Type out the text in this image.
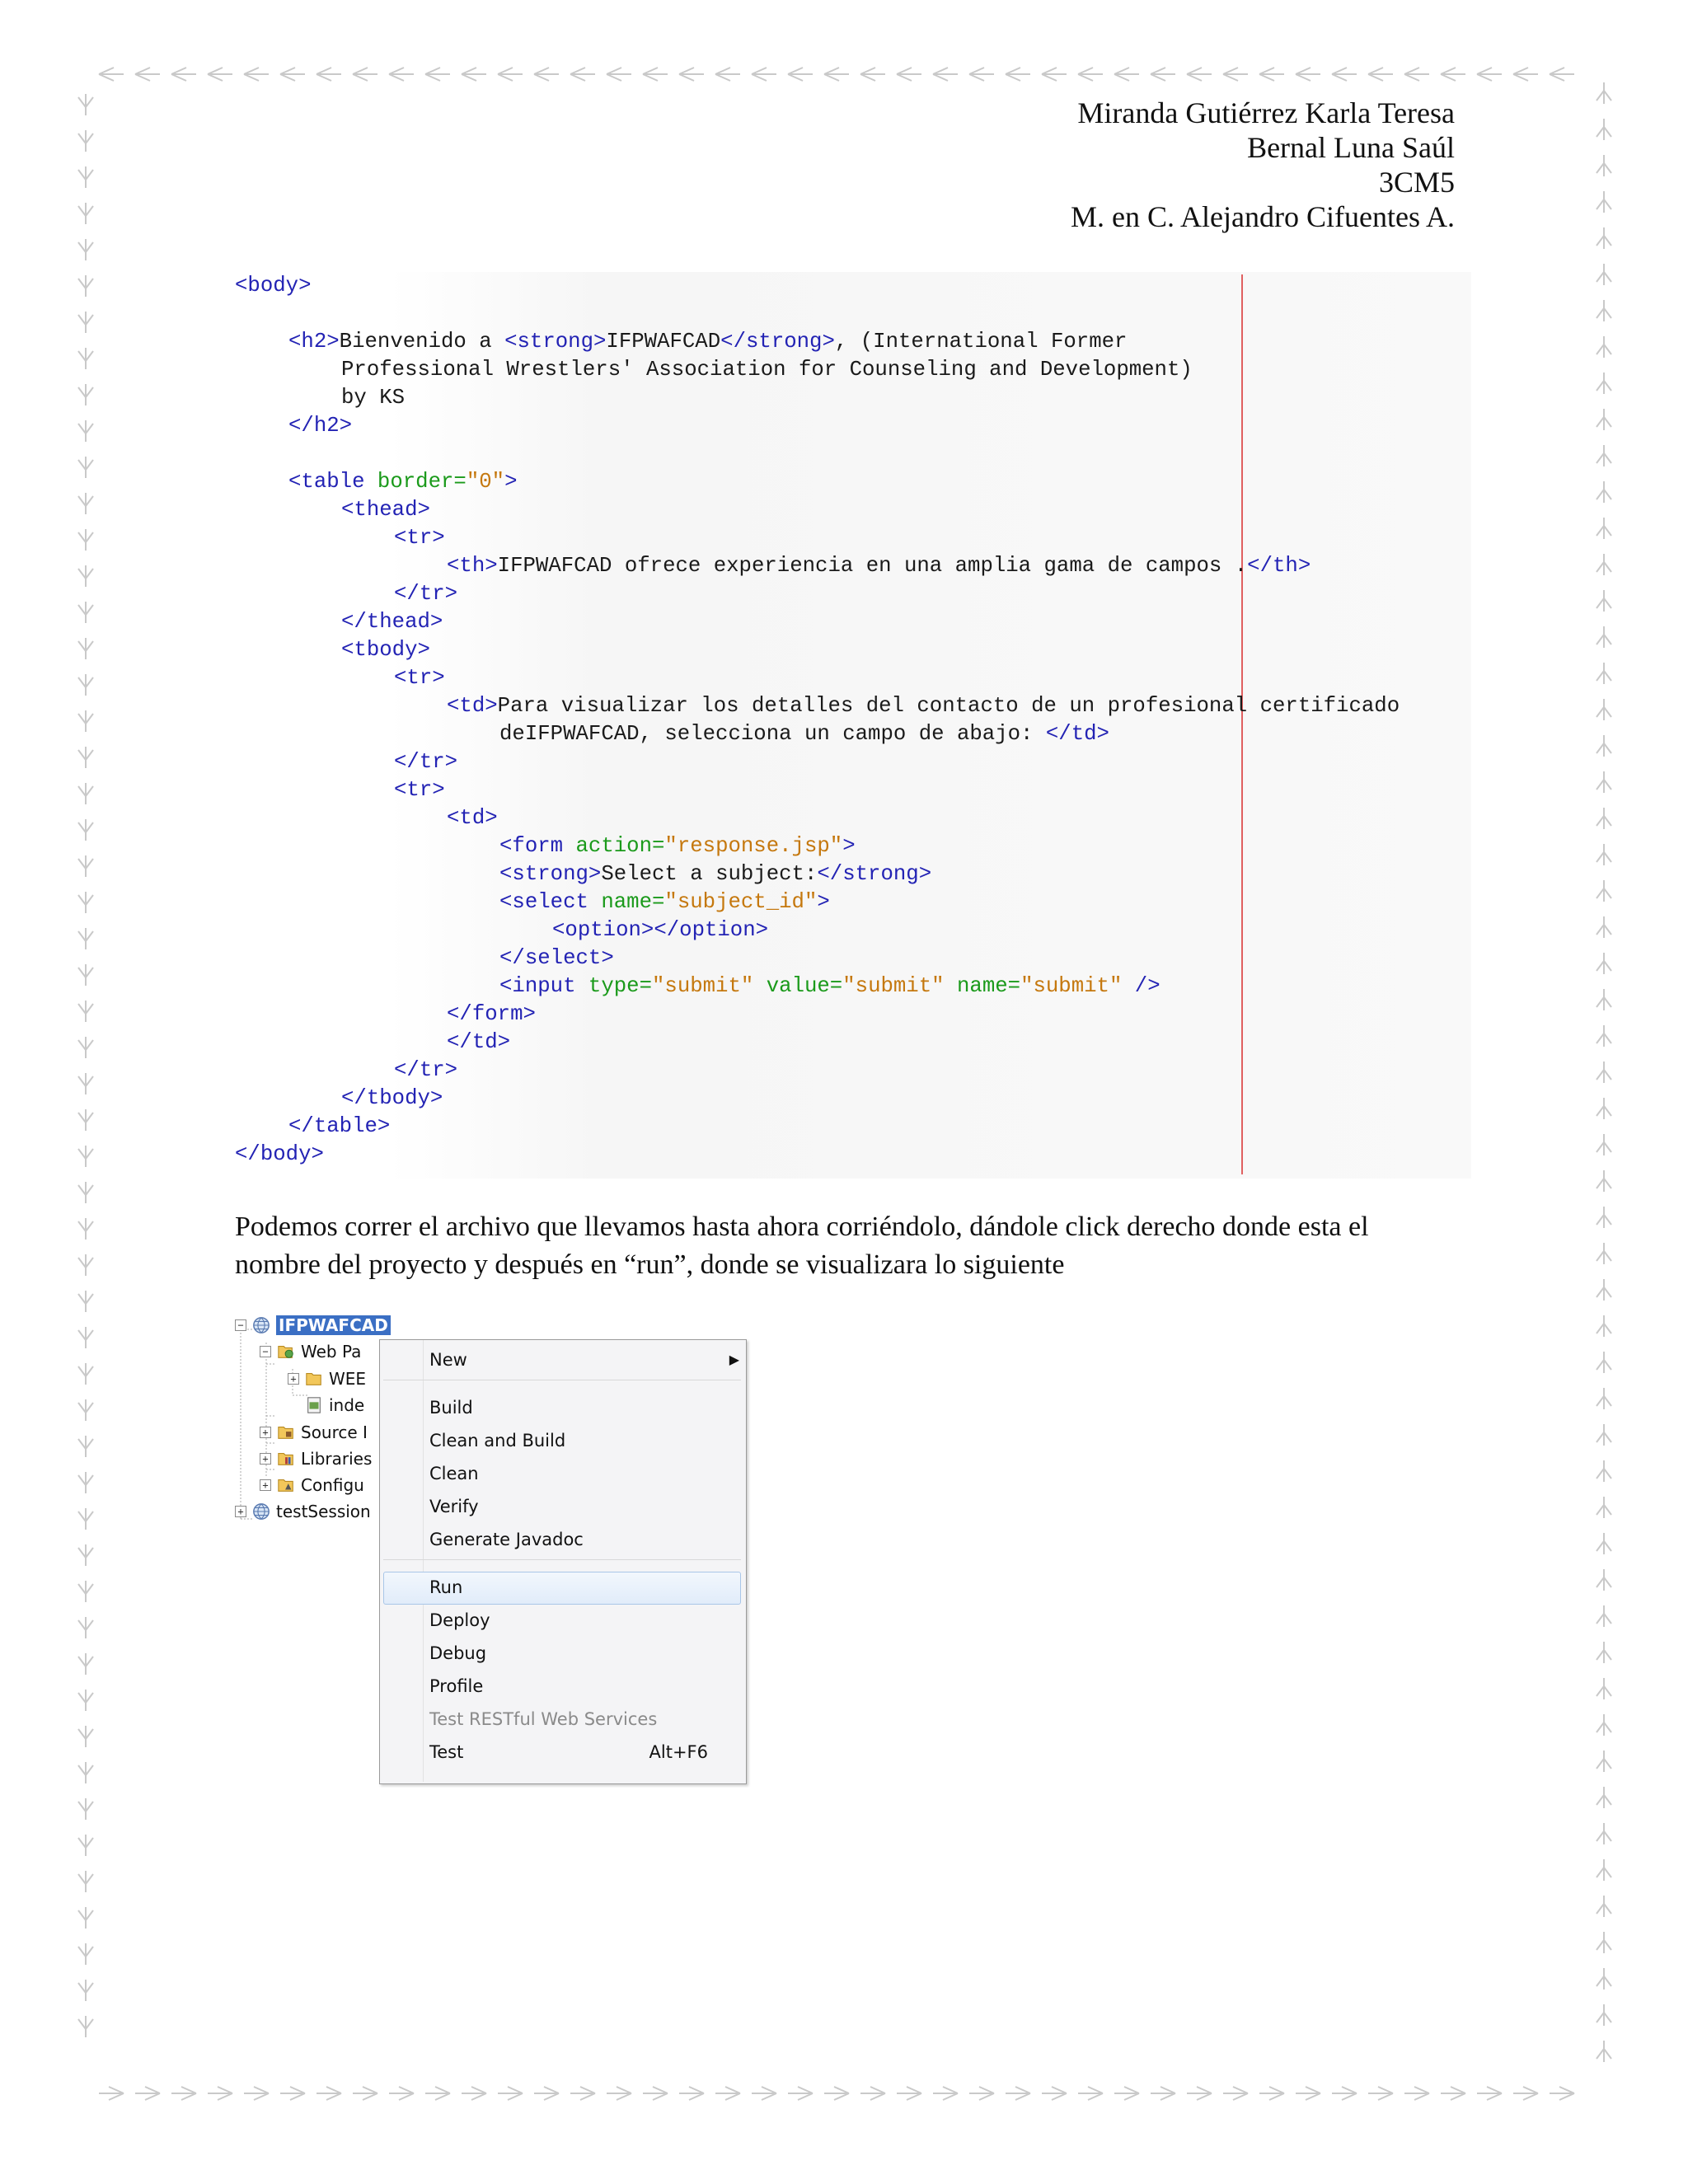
Miranda Gutiérrez Karla Teresa
Bernal Luna Saúl
3CM5
M. en C. Alejandro Cifuentes A.
<body>
<h2>Bienvenido a <strong>IFPWAFCAD</strong>, (International Former
Professional Wrestlers' Association for Counseling and Development)
by KS
</h2>
<table border="0">
<thead>
<tr>
<th>IFPWAFCAD ofrece experiencia en una amplia gama de campos .</th>
</tr>
</thead>
<tbody>
<tr>
<td>Para visualizar los detalles del contacto de un profesional certificado
deIFPWAFCAD, selecciona un campo de abajo: </td>
</tr>
<tr>
<td>
<form action="response.jsp">
<strong>Select a subject:</strong>
<select name="subject_id">
<option></option>
</select>
<input type="submit" value="submit" name="submit" />
</form>
</td>
</tr>
</tbody>
</table>
</body>
Podemos correr el archivo que llevamos hasta ahora corriéndolo, dándole click derecho donde esta el nombre del proyecto y después en “run”, donde se visualizara lo siguiente
− IFPWAFCAD
− Web Pa
+ WEE
inde
+ Source I
+ Libraries
+ Configu
+ testSession
New	▶
Build
Clean and Build
Clean
Verify
Generate Javadoc
Run
Deploy
Debug
Profile
Test RESTful Web Services
Test	Alt+F6
